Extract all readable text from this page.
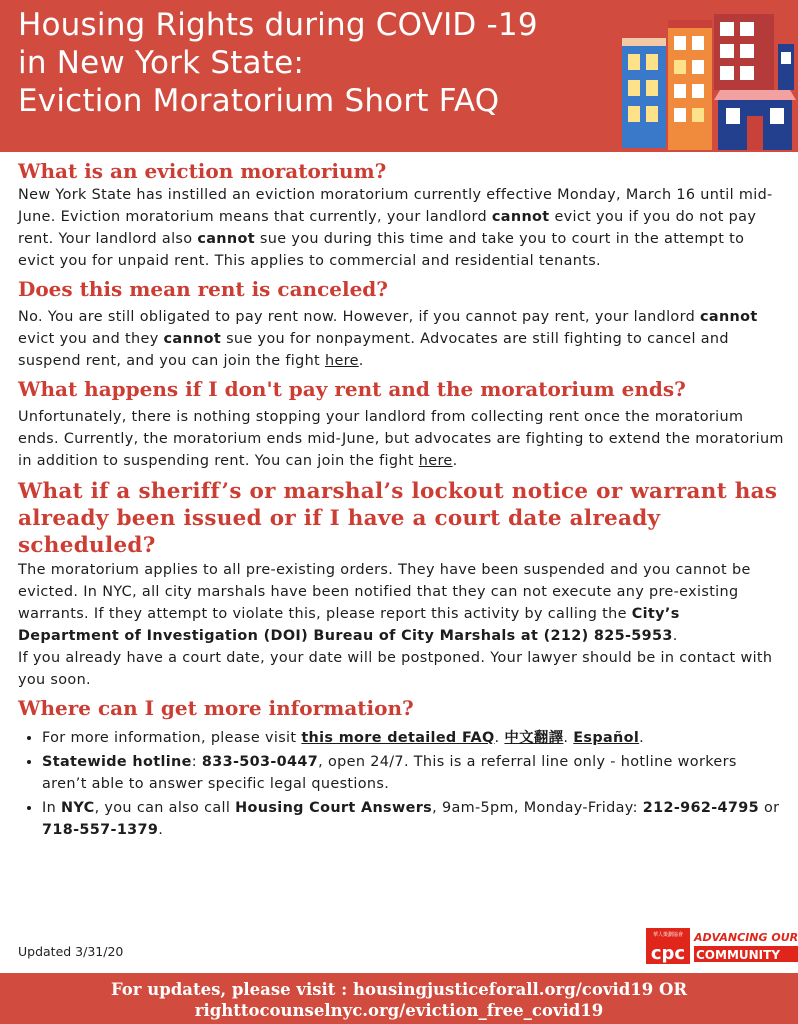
Housing Rights during COVID -19
in New York State:
Eviction Moratorium Short FAQ
What is an eviction moratorium?

New York State has instilled an eviction moratorium currently effective Monday, March 16 until mid-June. Eviction moratorium means that currently, your landlord cannot evict you if you do not pay rent. Your landlord also cannot sue you during this time and take you to court in the attempt to evict you for unpaid rent. This applies to commercial and residential tenants.

Does this mean rent is canceled?

No. You are still obligated to pay rent now. However, if you cannot pay rent, your landlord cannot evict you and they cannot sue you for nonpayment. Advocates are still fighting to cancel and suspend rent, and you can join the fight here.

What happens if I don't pay rent and the moratorium ends?

Unfortunately, there is nothing stopping your landlord from collecting rent once the moratorium ends. Currently, the moratorium ends mid-June, but advocates are fighting to extend the moratorium in addition to suspending rent. You can join the fight here.

What if a sheriff’s or marshal’s lockout notice or warrant has already been issued or if I have a court date already scheduled?

The moratorium applies to all pre-existing orders. They have been suspended and you cannot be evicted. In NYC, all city marshals have been notified that they can not execute any pre-existing warrants. If they attempt to violate this, please report this activity by calling the City’s Department of Investigation (DOI) Bureau of City Marshals at (212) 825-5953.

If you already have a court date, your date will be postponed. Your lawyer should be in contact with you soon.

Where can I get more information?
• For more information, please visit this more detailed FAQ. 中文翻譯. Español.
• Statewide hotline: 833-503-0447, open 24/7. This is a referral line only - hotline workers aren’t able to answer specific legal questions.
• In NYC, you can also call Housing Court Answers, 9am-5pm, Monday-Friday: 212-962-4795 or 718-557-1379.
Updated 3/31/20
華人策劃協會
cpc
ADVANCING OUR
COMMUNITY
For updates, please visit : housingjusticeforall.org/covid19 OR
righttocounselnyc.org/eviction_free_covid19
